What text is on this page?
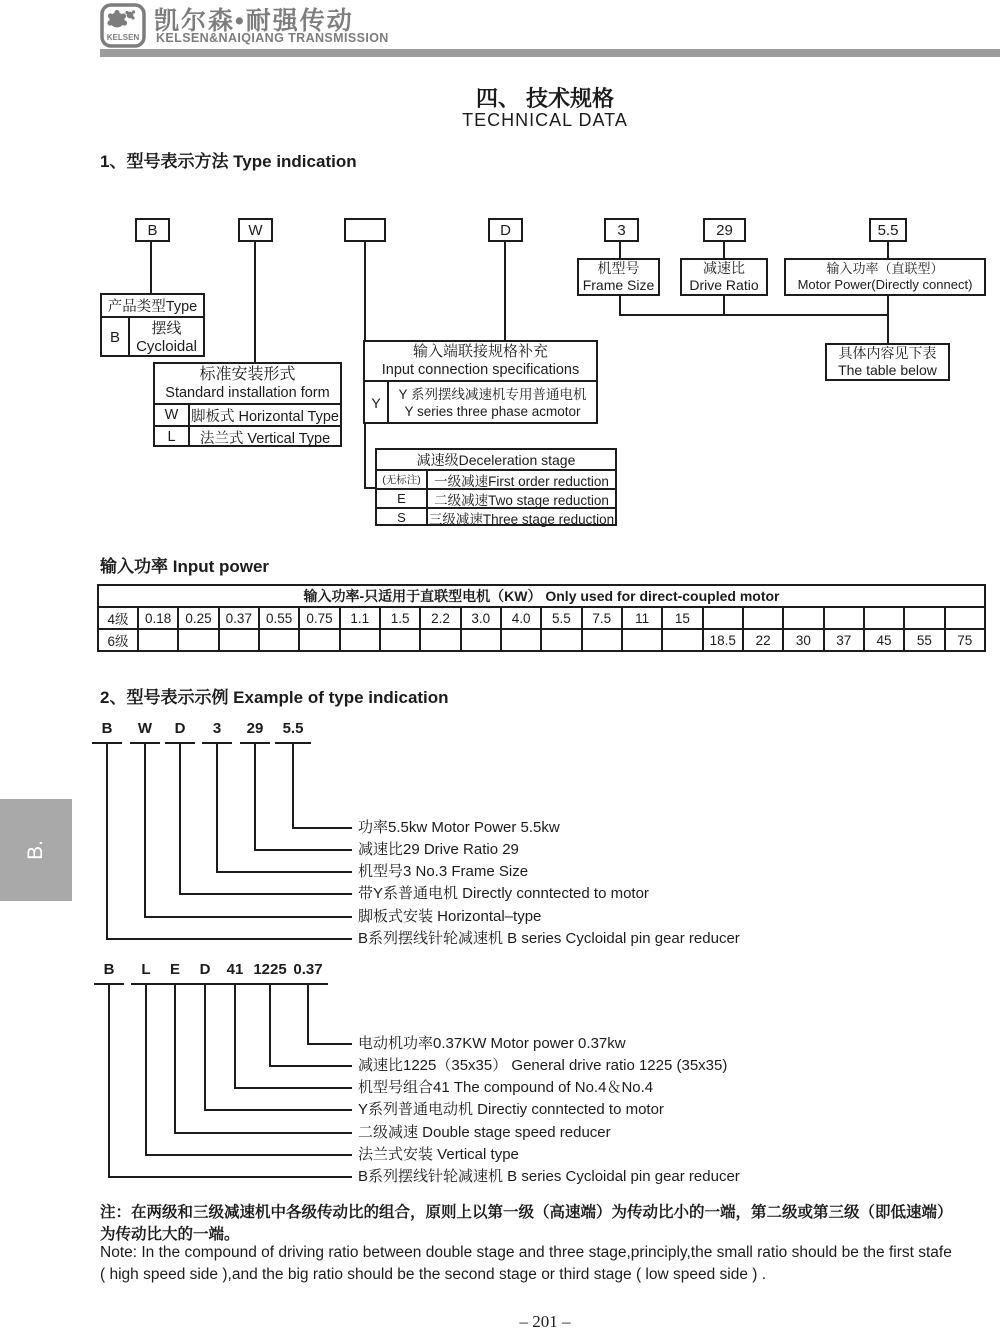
KELSEN
凯尔森•耐强传动
KELSEN&NAIQIANG TRANSMISSION
四、 技术规格
TECHNICAL DATA
1、型号表示方法 Type indication
B	W	D	3	29	5.5
机型号
Frame Size
减速比
Drive Ratio
输入功率（直联型）
Motor Power(Directly connect)
具体内容见下表
The table below
产品类型Type
B
摆线
Cycloidal
标准安装形式
Standard installation form
W 脚板式 Horizontal Type
L	法兰式 Vertical Type
输入端联接规格补充
Input connection specifications
Y
Y 系列摆线减速机专用普通电机
Y series three phase acmotor
减速级Deceleration stage
(无标注) 一级减速First order reduction
E	二级减速Two stage reduction
S	三级减速Three stage reduction
输入功率 Input power
输入功率-只适用于直联型电机（KW） Only used for direct-coupled motor																					
4级	0.18	0.25	0.37	0.55	0.75	1.1	1.5	2.2	3.0	4.0	5.5	7.5	11	15							
6级															18.5	22	30	37	45	55	75
2、型号表示示例 Example of type indication
B	W	D	3	29	5.5
功率5.5kw Motor Power 5.5kw
减速比29 Drive Ratio 29
机型号3 No.3 Frame Size
带Y系普通电机 Directly conntected to motor
脚板式安装 Horizontal–type
B系列摆线针轮减速机 B series Cycloidal pin gear reducer
B	L	E	D	41 1225 0.37
电动机功率0.37KW Motor power 0.37kw
减速比1225（35x35） General drive ratio 1225 (35x35)
机型号组合41 The compound of No.4＆No.4
Y系列普通电动机 Directiy conntected to motor
二级减速 Double stage speed reducer
法兰式安装 Vertical type
B系列摆线针轮减速机 B series Cycloidal pin gear reducer
注：在两级和三级减速机中各级传动比的组合，原则上以第一级（高速端）为传动比小的一端，第二级或第三级（即低速端）
为传动比大的一端。
Note: In the compound of driving ratio between double stage and three stage,principly,the small ratio should be the first stafe
( high speed side ),and the big ratio should be the second stage or third stage ( low speed side ) .
– 201 –
B.
